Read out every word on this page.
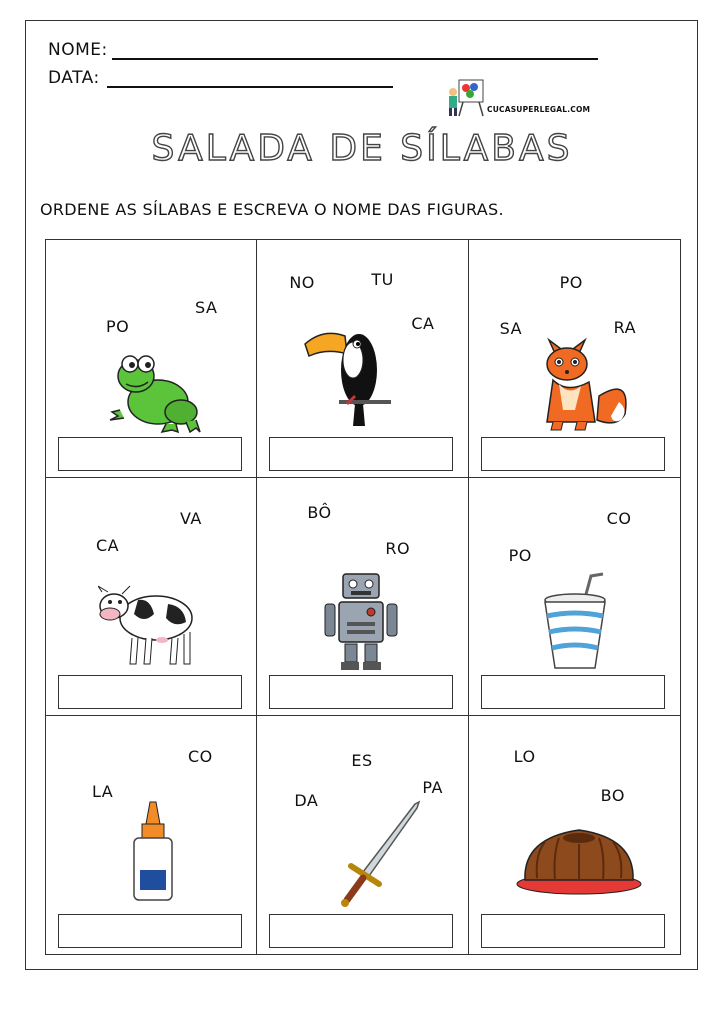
NOME:
DATA:
CUCASUPERLEGAL.COM
SALADA DE SÍLABAS
ORDENE AS SÍLABAS E ESCREVA O NOME DAS FIGURAS.
SA
PO
NO	TU
CA
PO
SA	RA
VA
CA
BÔ
RO
CO
PO
CO
LA
ES
PA
DA
LO
BO
